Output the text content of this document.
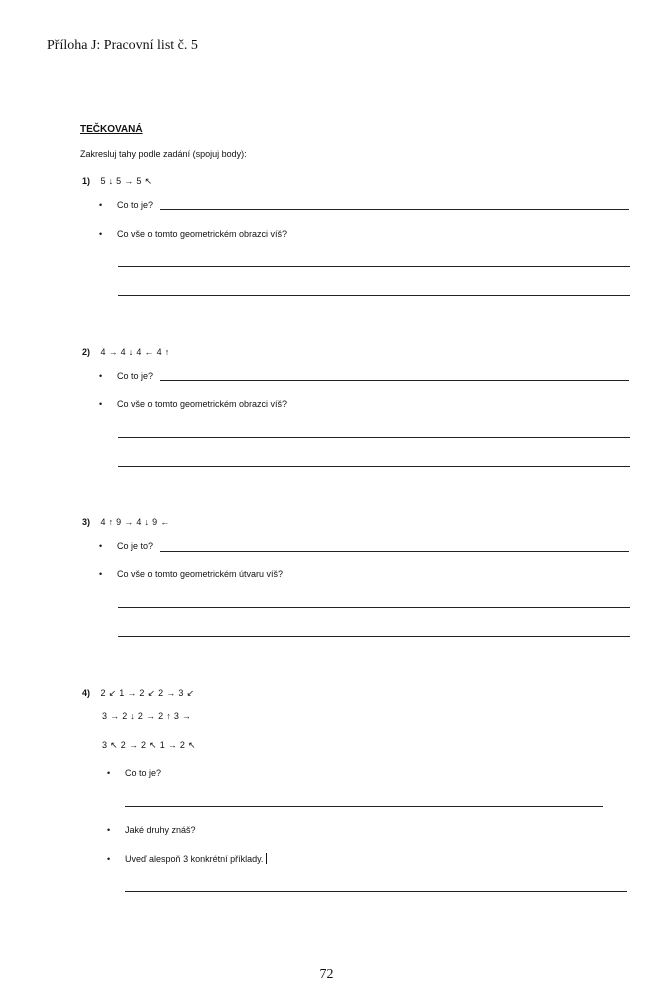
Příloha J: Pracovní list č. 5
TEČKOVANÁ
Zakresluj tahy podle zadání (spojuj body):
1) 5 ↓ 5 → 5 ↖
• Co to je?
• Co vše o tomto geometrickém obrazci víš?
2) 4 → 4 ↓ 4 ← 4 ↑
• Co to je?
• Co vše o tomto geometrickém obrazci víš?
3) 4 ↑ 9 → 4 ↓ 9 ←
• Co je to?
• Co vše o tomto geometrickém útvaru víš?
4) 2 ↙ 1 → 2 ↙ 2 → 3 ↙
3 → 2 ↓ 2 → 2 ↑ 3 →
3 ↖ 2 → 2 ↖ 1 → 2 ↖
• Co to je?
• Jaké druhy znáš?
• Uveď alespoň 3 konkrétní příklady.
72
